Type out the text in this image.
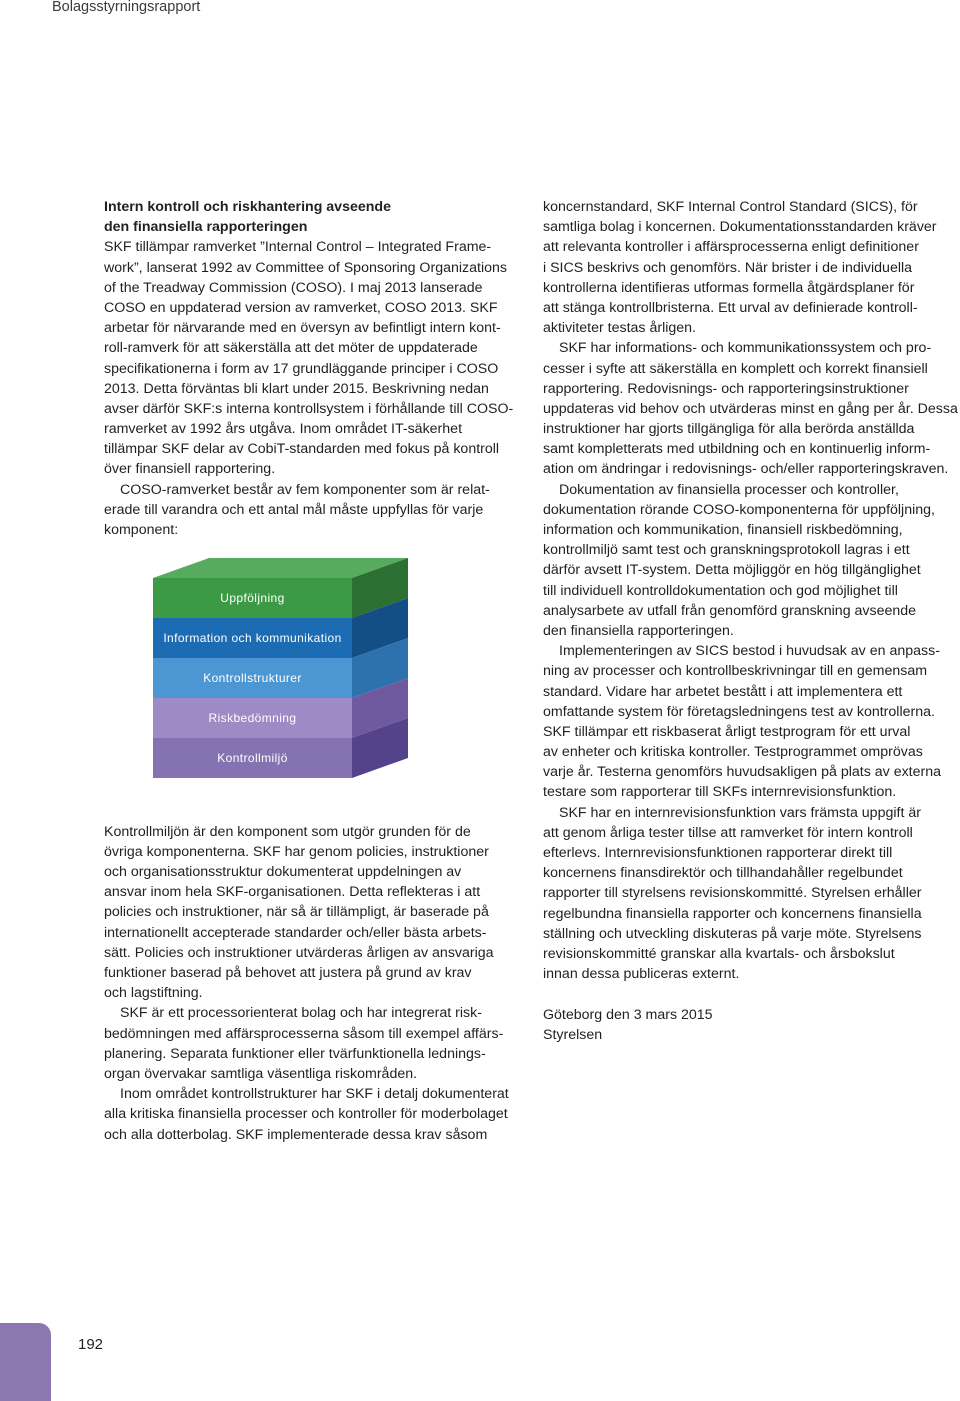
Bolagsstyrningsrapport
Intern kontroll och riskhantering avseende
den finansiella rapporteringen
SKF tillämpar ramverket ”Internal Control – Integrated Frame-
work”, lanserat 1992 av Committee of Sponsoring Organizations
of the Treadway Commission (COSO). I maj 2013 lanserade
COSO en uppdaterad version av ramverket, COSO 2013. SKF
arbetar för närvarande med en översyn av befintligt intern kont-
roll-ramverk för att säkerställa att det möter de uppdaterade
specifikationerna i form av 17 grundläggande principer i COSO
2013. Detta förväntas bli klart under 2015. Beskrivning nedan
avser därför SKF:s interna kontrollsystem i förhållande till COSO-
ramverket av 1992 års utgåva. Inom området IT-säkerhet
tillämpar SKF delar av CobiT-standarden med fokus på kontroll
över finansiell rapportering.
COSO-ramverket består av fem komponenter som är relat-
erade till varandra och ett antal mål måste uppfyllas för varje
komponent:
Uppföljning
Information och kommunikation
Kontrollstrukturer
Riskbedömning
Kontrollmiljö
Kontrollmiljön är den komponent som utgör grunden för de
övriga komponenterna. SKF har genom policies, instruktioner
och organisationsstruktur dokumenterat uppdelningen av
ansvar inom hela SKF-organisationen. Detta reflekteras i att
policies och instruktioner, när så är tillämpligt, är baserade på
internationellt accepterade standarder och/eller bästa arbets-
sätt. Policies och instruktioner utvärderas årligen av ansvariga
funktioner baserad på behovet att justera på grund av krav
och lagstiftning.
SKF är ett processorienterat bolag och har integrerat risk-
bedömningen med affärsprocesserna såsom till exempel affärs-
planering. Separata funktioner eller tvärfunktionella lednings-
organ övervakar samtliga väsentliga riskområden.
Inom området kontrollstrukturer har SKF i detalj dokumenterat
alla kritiska finansiella processer och kontroller för moderbolaget
och alla dotterbolag. SKF implementerade dessa krav såsom
koncernstandard, SKF Internal Control Standard (SICS), för
samtliga bolag i koncernen. Dokumentationsstandarden kräver
att relevanta kontroller i affärsprocesserna enligt definitioner
i SICS beskrivs och genomförs. När brister i de individuella
kontrollerna identifieras utformas formella åtgärdsplaner för
att stänga kontrollbristerna. Ett urval av definierade kontroll-
aktiviteter testas årligen.
SKF har informations- och kommunikationssystem och pro-
cesser i syfte att säkerställa en komplett och korrekt finansiell
rapportering. Redovisnings- och rapporteringsinstruktioner
uppdateras vid behov och utvärderas minst en gång per år. Dessa
instruktioner har gjorts tillgängliga för alla berörda anställda
samt kompletterats med utbildning och en kontinuerlig inform-
ation om ändringar i redovisnings- och/eller rapporteringskraven.
Dokumentation av finansiella processer och kontroller,
dokumentation rörande COSO-komponenterna för uppföljning,
information och kommunikation, finansiell riskbedömning,
kontrollmiljö samt test och granskningsprotokoll lagras i ett
därför avsett IT-system. Detta möjliggör en hög tillgänglighet
till individuell kontrolldokumentation och god möjlighet till
analysarbete av utfall från genomförd granskning avseende
den finansiella rapporteringen.
Implementeringen av SICS bestod i huvudsak av en anpass-
ning av processer och kontrollbeskrivningar till en gemensam
standard. Vidare har arbetet bestått i att implementera ett
omfattande system för företagsledningens test av kontrollerna.
SKF tillämpar ett riskbaserat årligt testprogram för ett urval
av enheter och kritiska kontroller. Testprogrammet omprövas
varje år. Testerna genomförs huvudsakligen på plats av externa
testare som rapporterar till SKFs internrevisionsfunktion.
SKF har en internrevisionsfunktion vars främsta uppgift är
att genom årliga tester tillse att ramverket för intern kontroll
efterlevs. Internrevisionsfunktionen rapporterar direkt till
koncernens finansdirektör och tillhandahåller regelbundet
rapporter till styrelsens revisionskommitté. Styrelsen erhåller
regelbundna finansiella rapporter och koncernens finansiella
ställning och utveckling diskuteras på varje möte. Styrelsens
revisionskommitté granskar alla kvartals- och årsbokslut
innan dessa publiceras externt.
Göteborg den 3 mars 2015
Styrelsen
192
